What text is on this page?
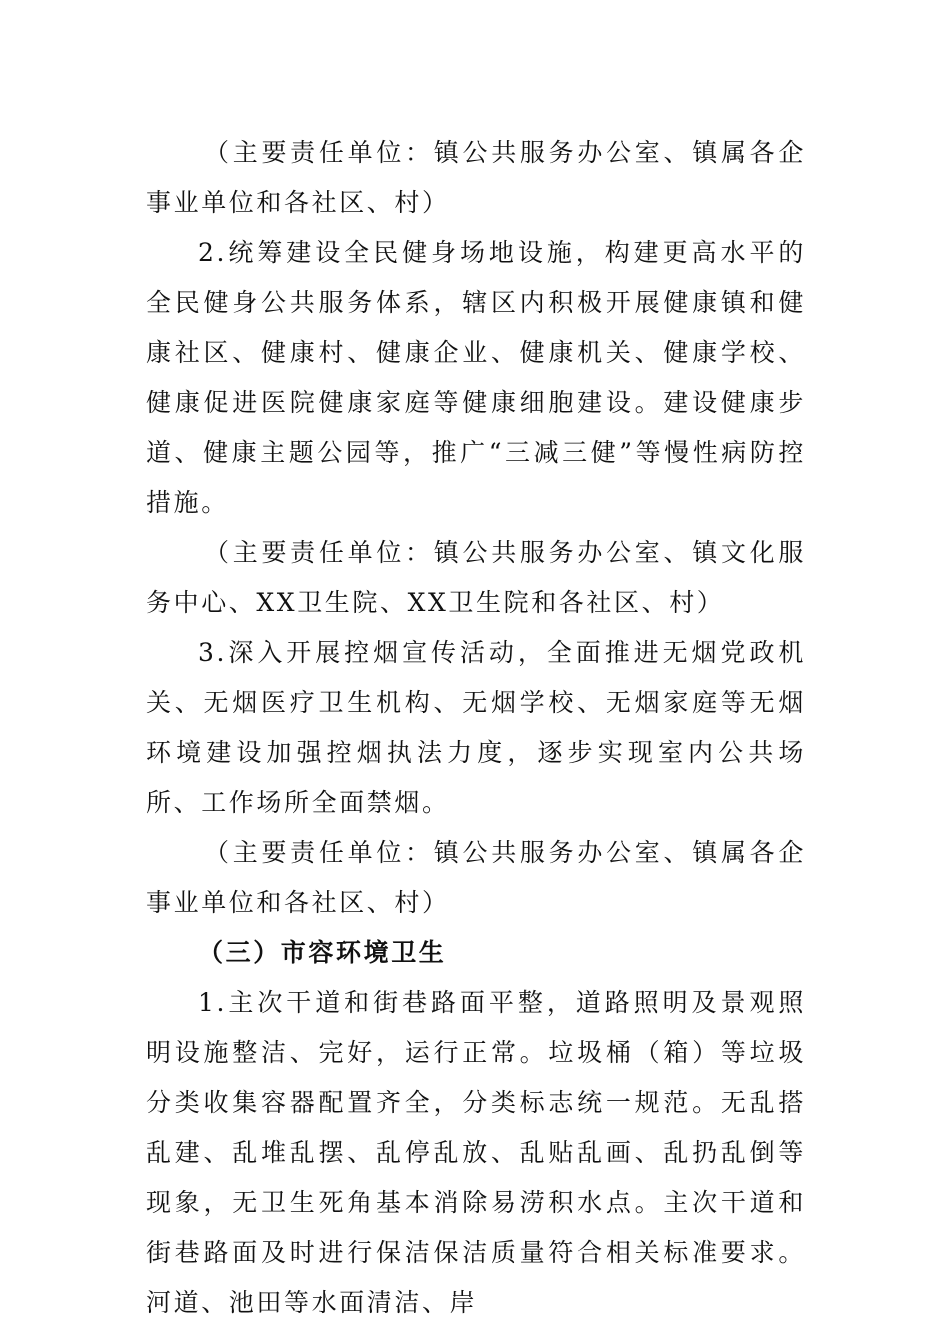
（主要责任单位：镇公共服务办公室、镇属各企事业单位和各社区、村）

2.统筹建设全民健身场地设施，构建更高水平的全民健身公共服务体系，辖区内积极开展健康镇和健康社区、健康村、健康企业、健康机关、健康学校、健康促进医院健康家庭等健康细胞建设。建设健康步道、健康主题公园等，推广“三减三健”等慢性病防控措施。

（主要责任单位：镇公共服务办公室、镇文化服务中心、XX卫生院、XX卫生院和各社区、村）

3.深入开展控烟宣传活动，全面推进无烟党政机关、无烟医疗卫生机构、无烟学校、无烟家庭等无烟环境建设加强控烟执法力度，逐步实现室内公共场所、工作场所全面禁烟。

（主要责任单位：镇公共服务办公室、镇属各企事业单位和各社区、村）

（三）市容环境卫生

1.主次干道和街巷路面平整，道路照明及景观照明设施整洁、完好，运行正常。垃圾桶（箱）等垃圾分类收集容器配置齐全，分类标志统一规范。无乱搭乱建、乱堆乱摆、乱停乱放、乱贴乱画、乱扔乱倒等现象，无卫生死角基本消除易涝积水点。主次干道和街巷路面及时进行保洁保洁质量符合相关标准要求。河道、池田等水面清洁、岸
